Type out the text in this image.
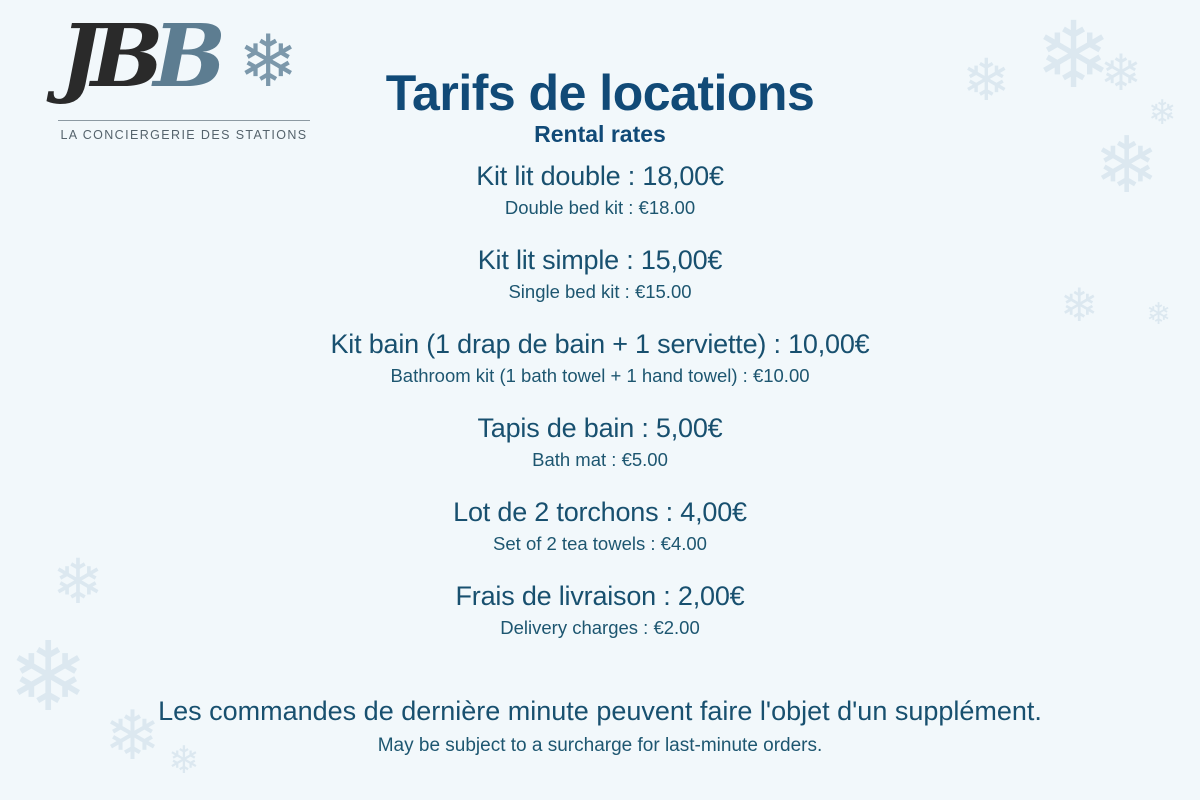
❄
❄ ❄
❄
❄
❄ ❄
❄
❄
❄ ❄
JBB ❄
LA CONCIERGERIE DES STATIONS
Tarifs de locations
Rental rates
Kit lit double : 18,00€
Double bed kit : €18.00
Kit lit simple : 15,00€
Single bed kit : €15.00
Kit bain (1 drap de bain + 1 serviette) : 10,00€
Bathroom kit (1 bath towel + 1 hand towel) : €10.00
Tapis de bain : 5,00€
Bath mat : €5.00
Lot de 2 torchons : 4,00€
Set of 2 tea towels : €4.00
Frais de livraison : 2,00€
Delivery charges : €2.00
Les commandes de dernière minute peuvent faire l'objet d'un supplément.
May be subject to a surcharge for last-minute orders.
